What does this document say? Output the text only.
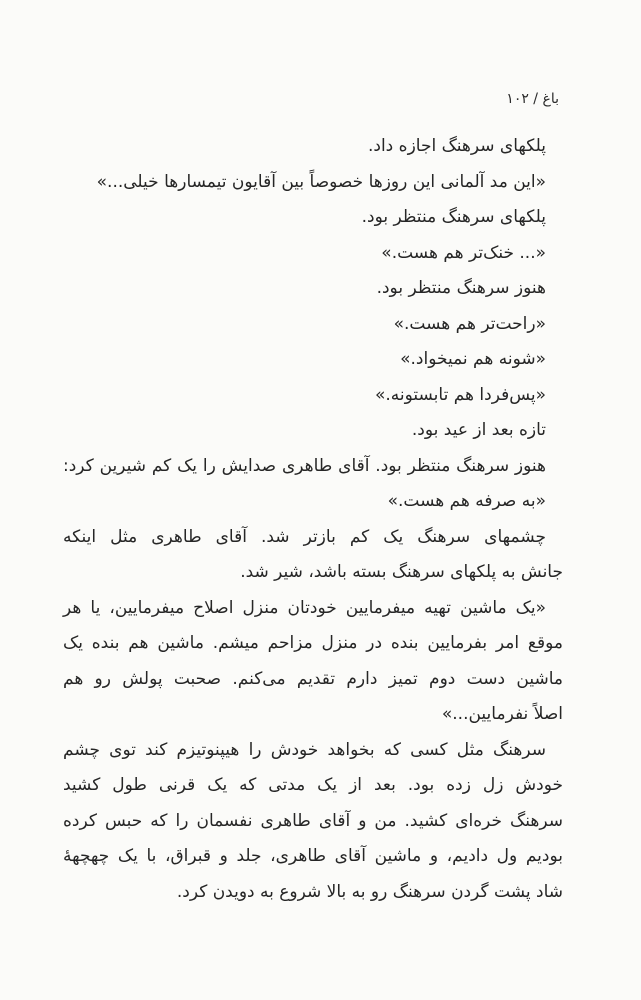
باغ / ۱۰۲
پلکهای سرهنگ اجازه داد.
«این مد آلمانی این روزها خصوصاً بین آقایون تیمسارها خیلی...»
پلکهای سرهنگ منتظر بود.
«... خنک‌تر هم هست.»
هنوز سرهنگ منتظر بود.
«راحت‌تر هم هست.»
«شونه هم نمیخواد.»
«پس‌فردا هم تابستونه.»
تازه بعد از عید بود.
هنوز سرهنگ منتظر بود. آقای طاهری صدایش را یک کم شیرین کرد:
«به صرفه هم هست.»
چشمهای سرهنگ یک کم بازتر شد. آقای طاهری مثل اینکه
جانش به پلکهای سرهنگ بسته باشد، شیر شد.
«یک ماشین تهیه میفرمایین خودتان منزل اصلاح میفرمایین، یا هر
موقع امر بفرمایین بنده در منزل مزاحم میشم. ماشین هم بنده یک
ماشین دست دوم تمیز دارم تقدیم می‌کنم. صحبت پولش رو هم
اصلاً نفرمایین...»
سرهنگ مثل کسی که بخواهد خودش را هیپنوتیزم کند توی چشم
خودش زل زده بود. بعد از یک مدتی که یک قرنی طول کشید
سرهنگ خره‌ای کشید. من و آقای طاهری نفسمان را که حبس کرده
بودیم ول دادیم، و ماشین آقای طاهری، جلد و قبراق، با یک چهچهۀ
شاد پشت گردن سرهنگ رو به بالا شروع به دویدن کرد.
